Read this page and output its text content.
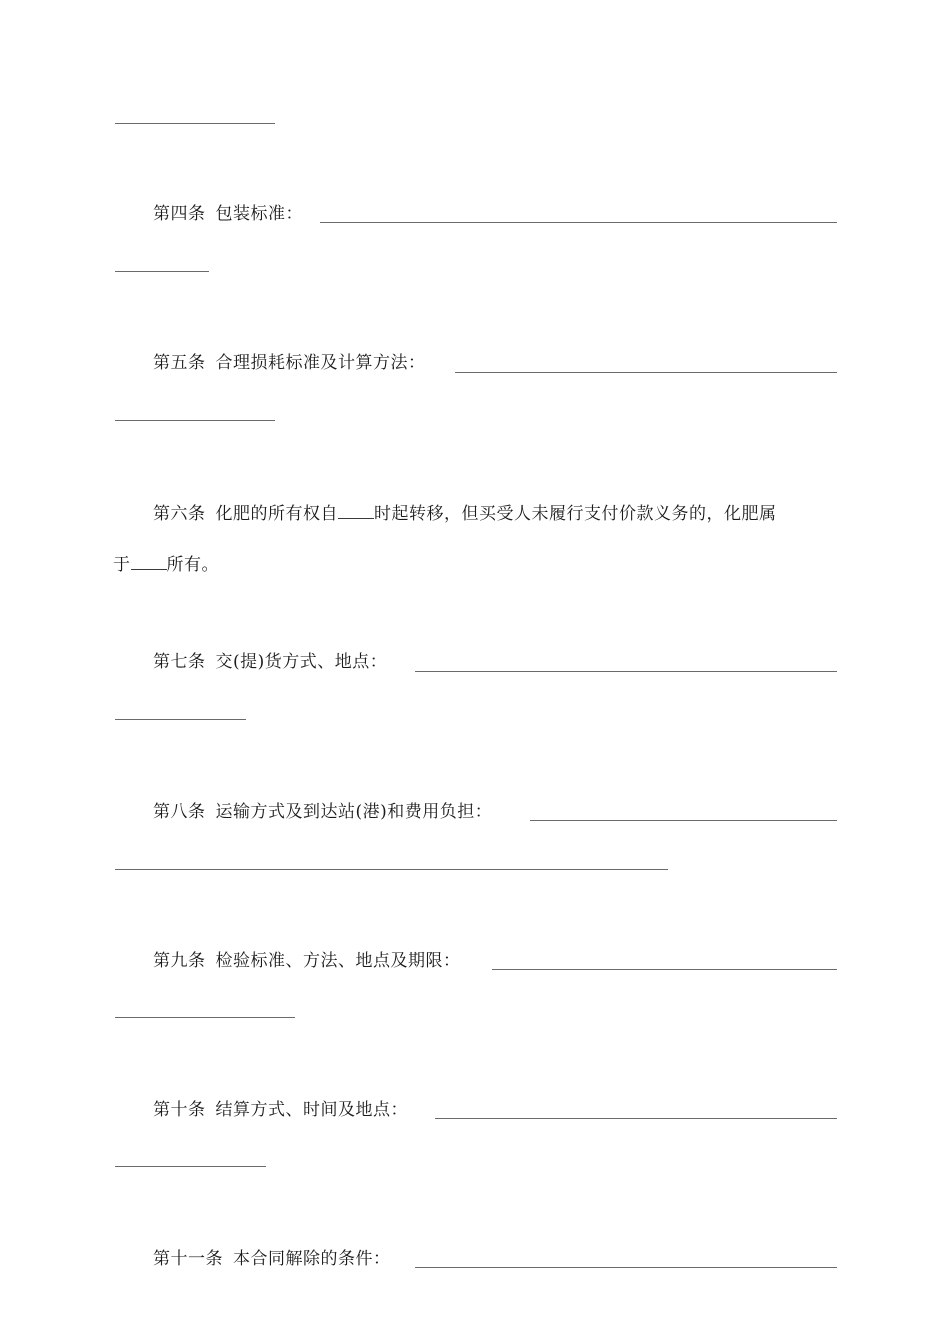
第四条 包装标准：
第五条 合理损耗标准及计算方法：
第六条 化肥的所有权自 时起转移，但买受人未履行支付价款义务的，化肥属
于 所有。
第七条 交(提)货方式、地点：
第八条 运输方式及到达站(港)和费用负担：
第九条 检验标准、方法、地点及期限：
第十条 结算方式、时间及地点：
第十一条 本合同解除的条件：
